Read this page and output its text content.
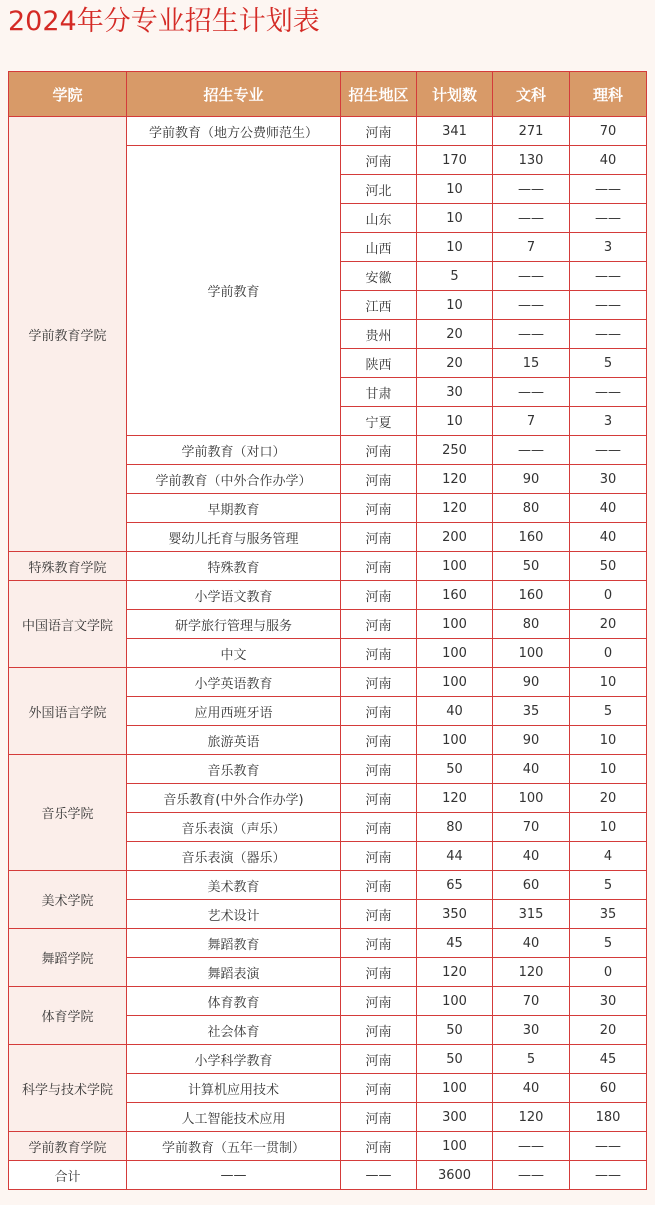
2024年分专业招生计划表
学院	招生专业	招生地区	计划数	文科	理科
学前教育学院	学前教育（地方公费师范生）	河南	341	271	70
	学前教育	河南	170	130	40
		河北	10	——	——
		山东	10	——	——
		山西	10	7	3
		安徽	5	——	——
		江西	10	——	——
		贵州	20	——	——
		陕西	20	15	5
		甘肃	30	——	——
		宁夏	10	7	3
	学前教育（对口）	河南	250	——	——
	学前教育（中外合作办学）	河南	120	90	30
	早期教育	河南	120	80	40
	婴幼儿托育与服务管理	河南	200	160	40
特殊教育学院	特殊教育	河南	100	50	50
中国语言文学院	小学语文教育	河南	160	160	0
	研学旅行管理与服务	河南	100	80	20
	中文	河南	100	100	0
外国语言学院	小学英语教育	河南	100	90	10
	应用西班牙语	河南	40	35	5
	旅游英语	河南	100	90	10
音乐学院	音乐教育	河南	50	40	10
	音乐教育(中外合作办学)	河南	120	100	20
	音乐表演（声乐）	河南	80	70	10
	音乐表演（器乐）	河南	44	40	4
美术学院	美术教育	河南	65	60	5
	艺术设计	河南	350	315	35
舞蹈学院	舞蹈教育	河南	45	40	5
	舞蹈表演	河南	120	120	0
体育学院	体育教育	河南	100	70	30
	社会体育	河南	50	30	20
科学与技术学院	小学科学教育	河南	50	5	45
	计算机应用技术	河南	100	40	60
	人工智能技术应用	河南	300	120	180
学前教育学院	学前教育（五年一贯制）	河南	100	——	——
合计	——	——	3600	——	——
